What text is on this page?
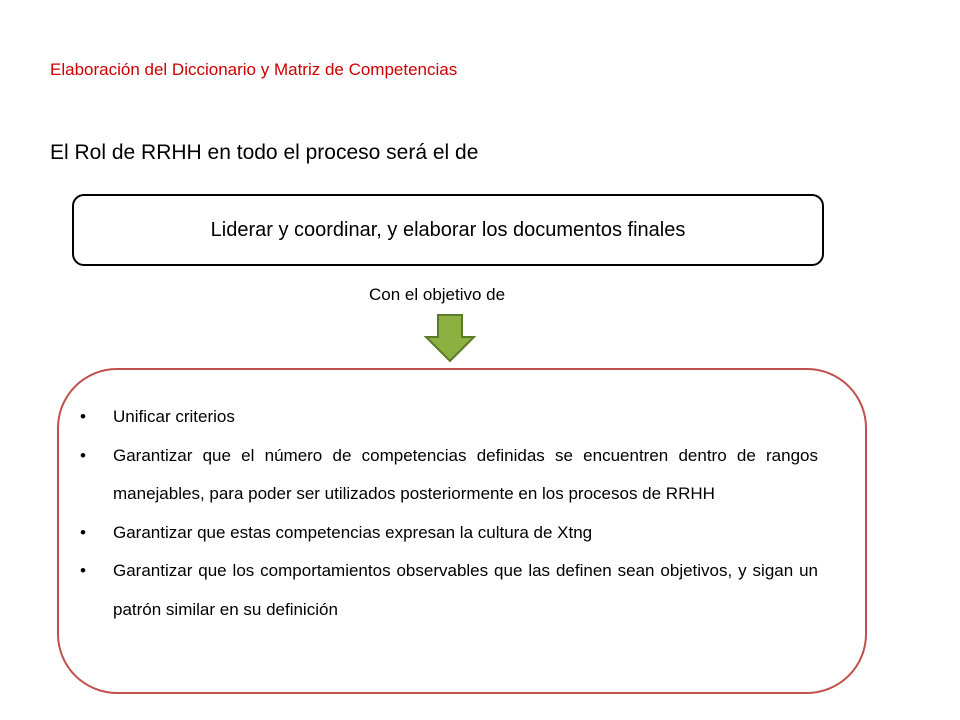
Elaboración del Diccionario y Matriz de Competencias
El Rol de RRHH en todo el proceso será el de
Liderar y coordinar, y elaborar los documentos finales
Con el objetivo de
• Unificar criterios
• Garantizar que el número de competencias definidas se encuentren dentro de rangos manejables, para poder ser utilizados posteriormente en los procesos de RRHH
• Garantizar que estas competencias expresan la cultura de Xtng
• Garantizar que los comportamientos observables que las definen sean objetivos, y sigan un patrón similar en su definición
